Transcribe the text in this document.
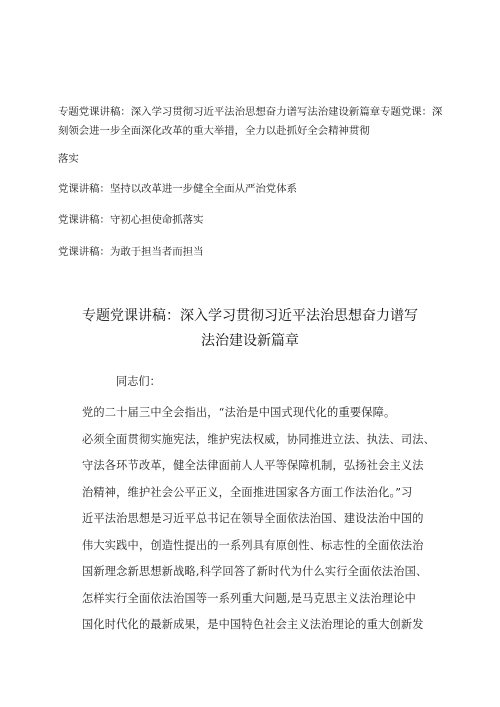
专题党课讲稿：深入学习贯彻习近平法治思想奋力谱写法治建设新篇章专题党课：深

刻领会进一步全面深化改革的重大举措，全力以赴抓好全会精神贯彻

落实

党课讲稿：坚持以改革进一步健全全面从严治党体系

党课讲稿：守初心担使命抓落实

党课讲稿：为敢于担当者而担当

专题党课讲稿：深入学习贯彻习近平法治思想奋力谱写
法治建设新篇章
同志们：
党的二十届三中全会指出，“法治是中国式现代化的重要保障。
必须全面贯彻实施宪法，维护宪法权威，协同推进立法、执法、司法、
守法各环节改革，健全法律面前人人平等保障机制，弘扬社会主义法
治精神，维护社会公平正义，全面推进国家各方面工作法治化。”习
近平法治思想是习近平总书记在领导全面依法治国、建设法治中国的
伟大实践中，创造性提出的一系列具有原创性、标志性的全面依法治
国新理念新思想新战略,科学回答了新时代为什么实行全面依法治国、
怎样实行全面依法治国等一系列重大问题,是马克思主义法治理论中
国化时代化的最新成果，是中国特色社会主义法治理论的重大创新发
